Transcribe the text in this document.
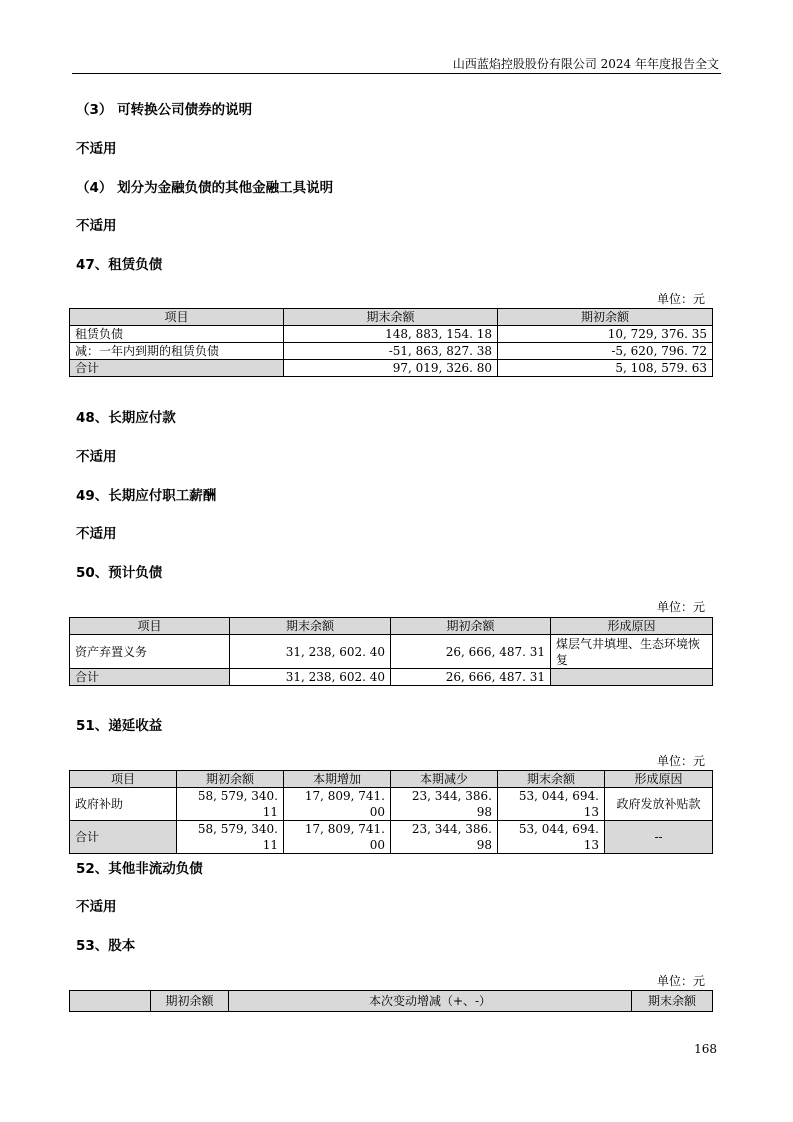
山西蓝焰控股股份有限公司 2024 年年度报告全文
（3） 可转换公司债券的说明
不适用
（4） 划分为金融负债的其他金融工具说明
不适用
47、租赁负债
单位：元
项目	期末余额	期初余额
租赁负债	148, 883, 154. 18	10, 729, 376. 35
减：一年内到期的租赁负债	-51, 863, 827. 38	-5, 620, 796. 72
合计	97, 019, 326. 80	5, 108, 579. 63
48、长期应付款
不适用
49、长期应付职工薪酬
不适用
50、预计负债
单位：元
项目	期末余额	期初余额	形成原因
资产弃置义务	31, 238, 602. 40	26, 666, 487. 31	煤层气井填埋、生态环境恢复
合计	31, 238, 602. 40	26, 666, 487. 31	
51、递延收益
单位：元
项目	期初余额	本期增加	本期减少	期末余额	形成原因
政府补助	58, 579, 340. 11	17, 809, 741. 00	23, 344, 386. 98	53, 044, 694. 13	政府发放补贴款
合计	58, 579, 340. 11	17, 809, 741. 00	23, 344, 386. 98	53, 044, 694. 13	--
52、其他非流动负债
不适用
53、股本
单位：元
	期初余额	本次变动增减（+、-）	期末余额
168
